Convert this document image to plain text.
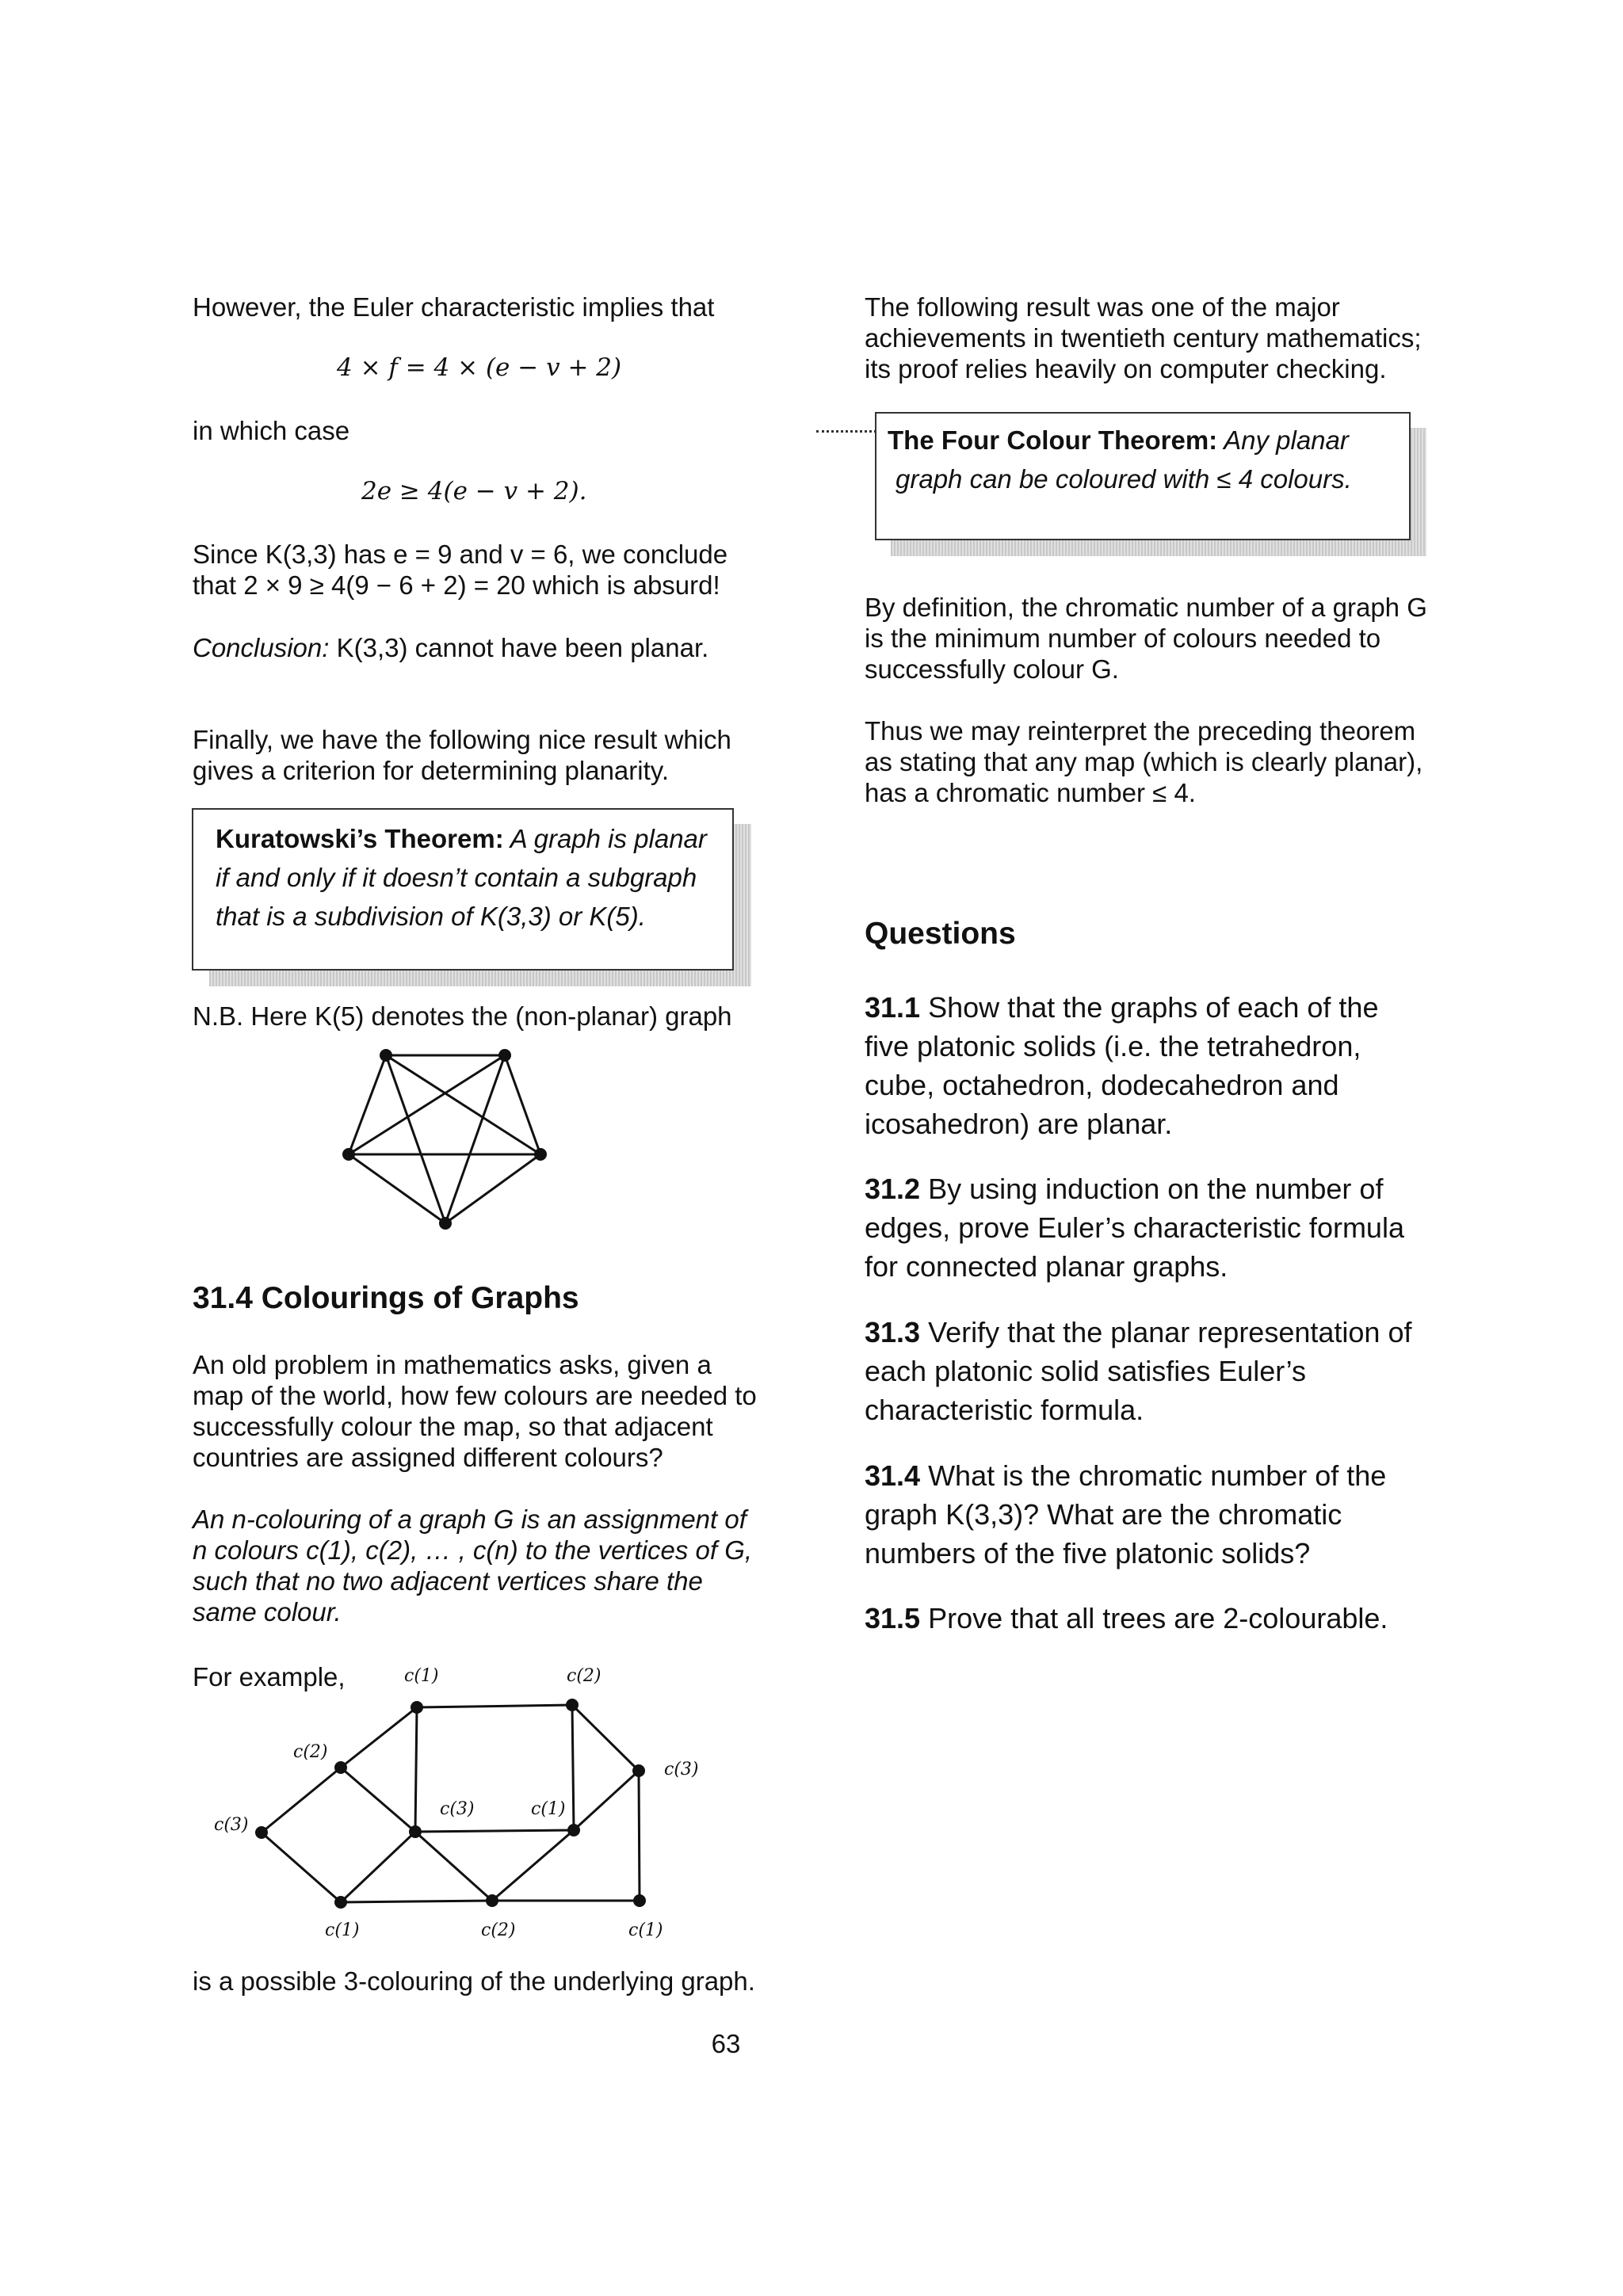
However, the Euler characteristic implies that

4 × f = 4 × (e − v + 2)

in which case

2e ≥ 4(e − v + 2).

Since K(3,3) has e = 9 and v = 6, we conclude

that 2 × 9 ≥ 4(9 − 6 + 2) = 20 which is absurd!

Conclusion: K(3,3) cannot have been planar.

Finally, we have the following nice result which

gives a criterion for determining planarity.

Kuratowski’s Theorem: A graph is planar
if and only if it doesn’t contain a subgraph
that is a subdivision of K(3,3) or K(5).

N.B. Here K(5) denotes the (non-planar) graph

31.4 Colourings of Graphs

An old problem in mathematics asks, given a

map of the world, how few colours are needed to

successfully colour the map, so that adjacent

countries are assigned different colours?

An n-colouring of a graph G is an assignment of

n colours c(1), c(2), … , c(n) to the vertices of G,

such that no two adjacent vertices share the

same colour.

For example,	c(1)	c(2)
c(2)
c(3)
c(3)
c(3)	c(1)
c(1)	c(2)	c(1)

is a possible 3-colouring of the underlying graph.

The following result was one of the major

achievements in twentieth century mathematics;

its proof relies heavily on computer checking.

The Four Colour Theorem: Any planar
graph can be coloured with ≤ 4 colours.

By definition, the chromatic number of a graph G

is the minimum number of colours needed to

successfully colour G.

Thus we may reinterpret the preceding theorem

as stating that any map (which is clearly planar),

has a chromatic number ≤ 4.

Questions

31.1 Show that the graphs of each of the

five platonic solids (i.e. the tetrahedron,

cube, octahedron, dodecahedron and

icosahedron) are planar.

31.2 By using induction on the number of

edges, prove Euler’s characteristic formula

for connected planar graphs.

31.3 Verify that the planar representation of

each platonic solid satisfies Euler’s

characteristic formula.

31.4 What is the chromatic number of the

graph K(3,3)? What are the chromatic

numbers of the five platonic solids?

31.5 Prove that all trees are 2-colourable.

63
